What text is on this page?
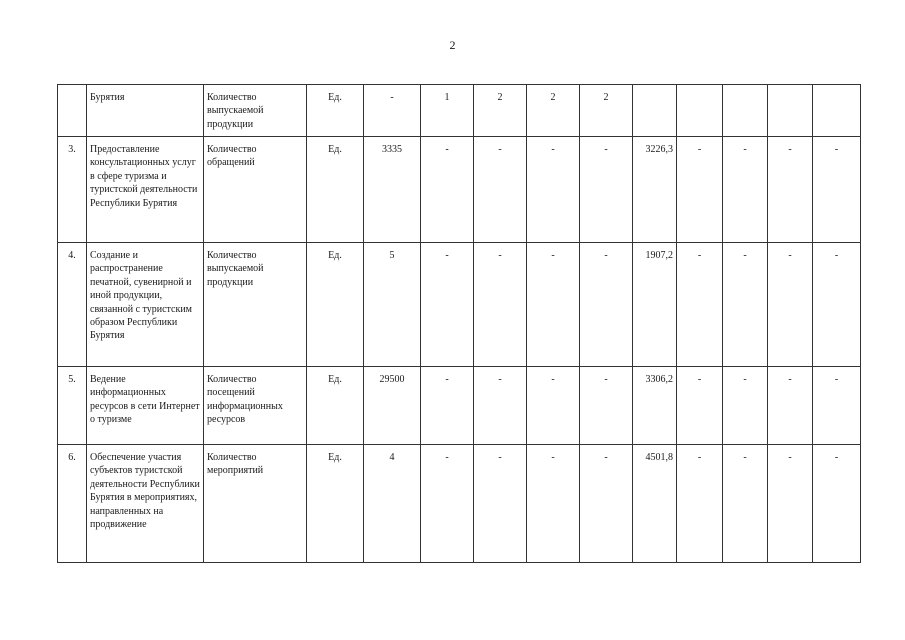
2
	Бурятия	Количество выпускаемой продукции	Ед.	-	1	2	2	2					
3.	Предоставление консультационных услуг в сфере туризма и туристской деятельности Республики Бурятия	Количество обращений	Ед.	3335	-	-	-	-	3226,3	-	-	-	-
4.	Создание и распространение печатной, сувенирной и иной продукции, связанной с туристским образом Республики Бурятия	Количество выпускаемой продукции	Ед.	5	-	-	-	-	1907,2	-	-	-	-
5.	Ведение информационных ресурсов в сети Интернет о туризме	Количество посещений информационных ресурсов	Ед.	29500	-	-	-	-	3306,2	-	-	-	-
6.	Обеспечение участия субъектов туристской деятельности Республики Бурятия в мероприятиях, направленных на продвижение	Количество мероприятий	Ед.	4	-	-	-	-	4501,8	-	-	-	-
